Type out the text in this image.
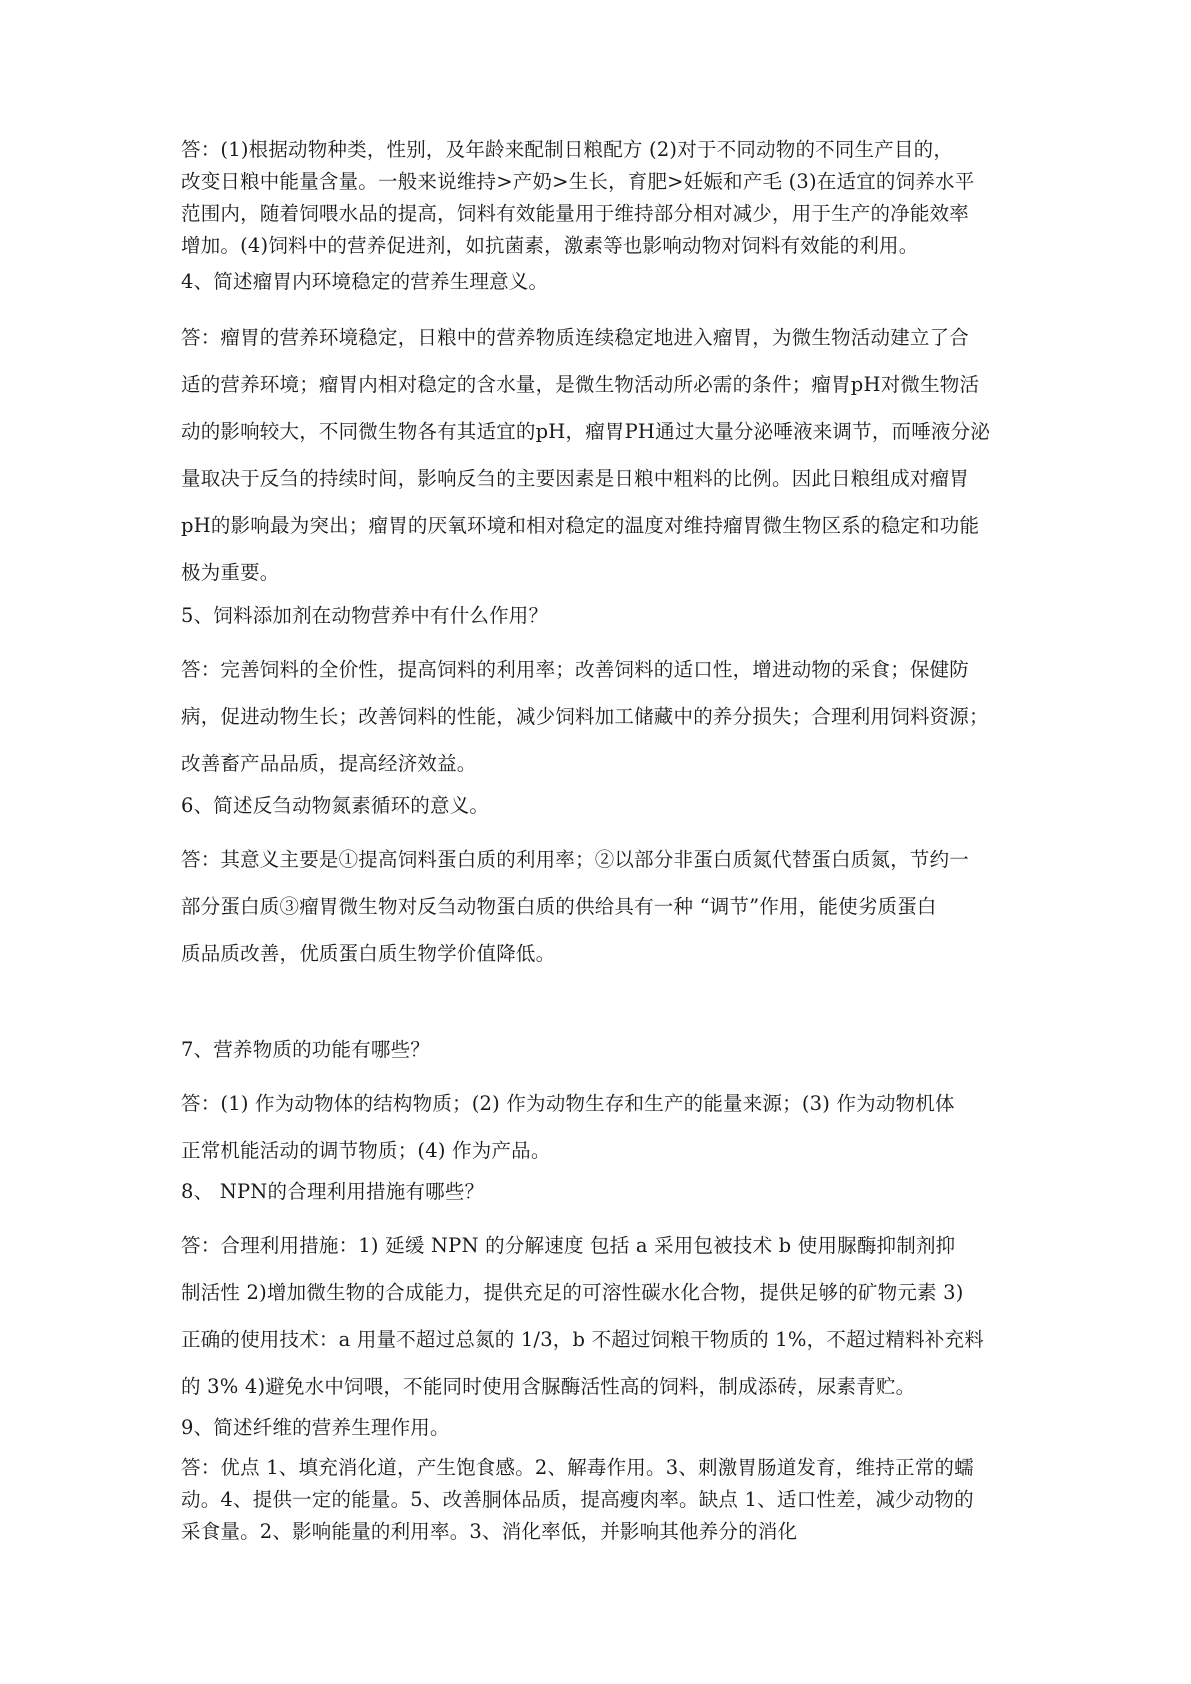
答：(1)根据动物种类，性别，及年龄来配制日粮配方 (2)对于不同动物的不同生产目的，
改变日粮中能量含量。一般来说维持>产奶>生长，育肥>妊娠和产毛 (3)在适宜的饲养水平
范围内，随着饲喂水品的提高，饲料有效能量用于维持部分相对减少，用于生产的净能效率
增加。(4)饲料中的营养促进剂，如抗菌素，激素等也影响动物对饲料有效能的利用。
4、简述瘤胃内环境稳定的营养生理意义。
答：瘤胃的营养环境稳定，日粮中的营养物质连续稳定地进入瘤胃，为微生物活动建立了合
适的营养环境；瘤胃内相对稳定的含水量，是微生物活动所必需的条件；瘤胃pH对微生物活
动的影响较大，不同微生物各有其适宜的pH，瘤胃PH通过大量分泌唾液来调节，而唾液分泌
量取决于反刍的持续时间，影响反刍的主要因素是日粮中粗料的比例。因此日粮组成对瘤胃
pH的影响最为突出；瘤胃的厌氧环境和相对稳定的温度对维持瘤胃微生物区系的稳定和功能
极为重要。
5、饲料添加剂在动物营养中有什么作用？
答：完善饲料的全价性，提高饲料的利用率；改善饲料的适口性，增进动物的采食；保健防
病，促进动物生长；改善饲料的性能，减少饲料加工储藏中的养分损失；合理利用饲料资源；
改善畜产品品质，提高经济效益。
6、简述反刍动物氮素循环的意义。
答：其意义主要是①提高饲料蛋白质的利用率；②以部分非蛋白质氮代替蛋白质氮，节约一
部分蛋白质③瘤胃微生物对反刍动物蛋白质的供给具有一种 “调节”作用，能使劣质蛋白
质品质改善，优质蛋白质生物学价值降低。
7、营养物质的功能有哪些？
答：(1) 作为动物体的结构物质；(2) 作为动物生存和生产的能量来源；(3) 作为动物机体
正常机能活动的调节物质；(4) 作为产品。
8、 NPN的合理利用措施有哪些？
答：合理利用措施：1) 延缓 NPN 的分解速度 包括 a 采用包被技术 b 使用脲酶抑制剂抑
制活性 2)增加微生物的合成能力，提供充足的可溶性碳水化合物，提供足够的矿物元素 3)
正确的使用技术：a 用量不超过总氮的 1/3，b 不超过饲粮干物质的 1%，不超过精料补充料
的 3% 4)避免水中饲喂，不能同时使用含脲酶活性高的饲料，制成添砖，尿素青贮。
9、简述纤维的营养生理作用。
答：优点 1、填充消化道，产生饱食感。2、解毒作用。3、刺激胃肠道发育，维持正常的蠕
动。4、提供一定的能量。5、改善胴体品质，提高瘦肉率。缺点 1、适口性差，减少动物的
采食量。2、影响能量的利用率。3、消化率低，并影响其他养分的消化
